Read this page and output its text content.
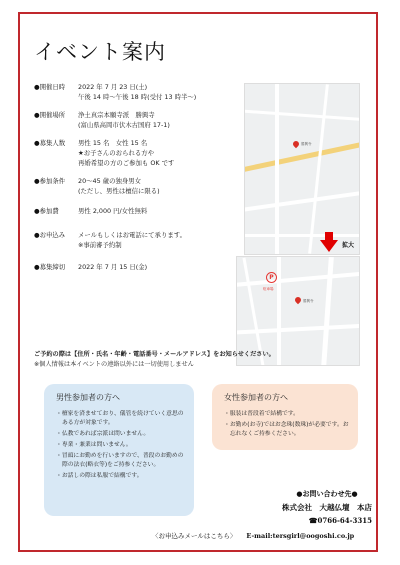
イベント案内
● 開催日時	2022 年 7 月 23 日(土)
午後 14 時〜午後 18 時(受付 13 時半〜)
● 開催場所	浄土真宗本願寺派　勝興寺
(富山県高岡市伏木古国府 17-1)
● 募集人数	男性 15 名　女性 15 名
★お子さんのおられる方や
再婚希望の方のご参加も OK です
● 参加条件	20〜45 歳の独身男女
(ただし、男性は檀信に限る)
● 参加費	男性 2,000 円/女性無料
● お申込み	メールもしくはお電話にて承ります。
※事前審予約制
● 募集締切	2022 年 7 月 15 日(金)
勝興寺
拡大
勝興寺
駐車場
P
ご予約の際は【住所・氏名・年齢・電話番号・メールアドレス】をお知らせください。
※個人情報は本イベントの連絡以外には一切使用しません
男性参加者の方へ
・ 檀家を済ませており、儀管を続けていく意思のある方が対象です。
・ 仏教であれば宗派は問いません。
・ 専業・兼業は問いません。
・ 冒頭にお勤めを行いますので、普段のお勤めの際の法衣(略衣等)をご持参ください。
・ お話しの際は私服で結構です。
女性参加者の方へ
・ 服装は普段着で結構です。
・ お勤め(お寺)ではお念珠(数珠)が必要です。お忘れなくご持参ください。
●お問い合わせ先●
株式会社　大越仏壇　本店
☎0766-64-3315
〈お申込みメールはこちら〉 E-mail:tersgirl@oogoshi.co.jp
